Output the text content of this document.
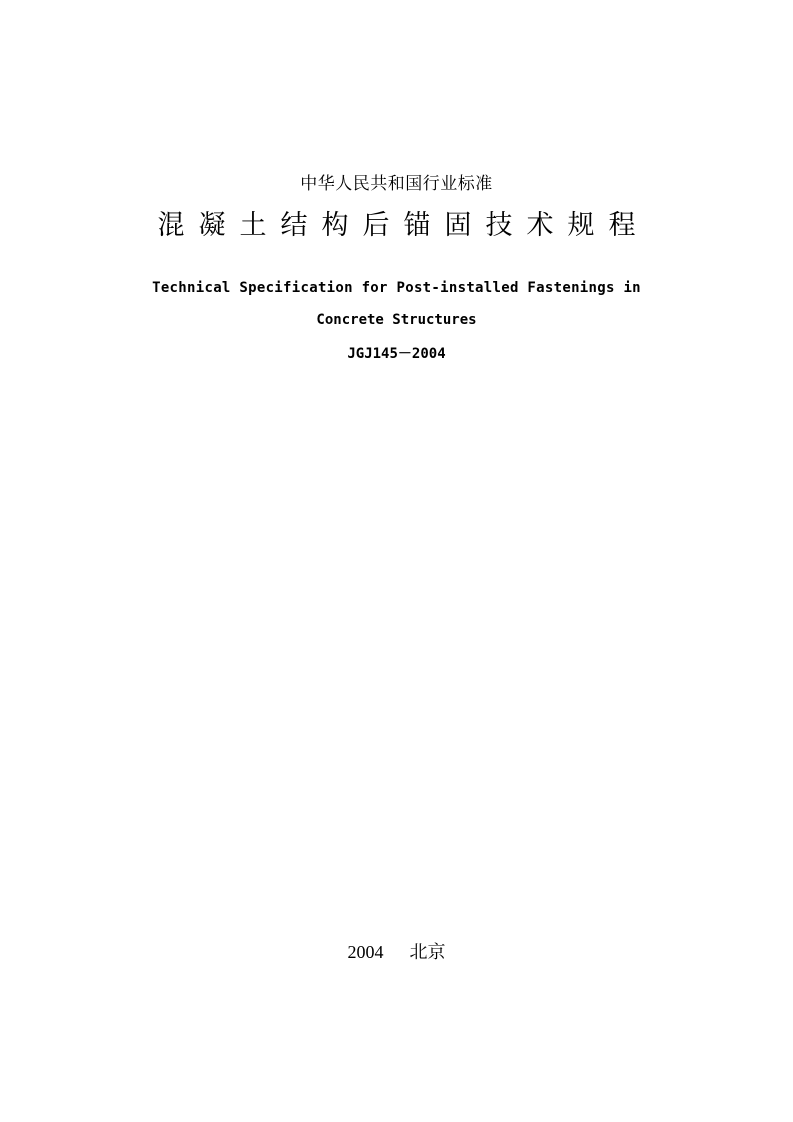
中华人民共和国行业标准
混凝土结构后锚固技术规程
Technical Specification for Post-installed Fastenings in
Concrete Structures
JGJ145－2004
2004 北京
